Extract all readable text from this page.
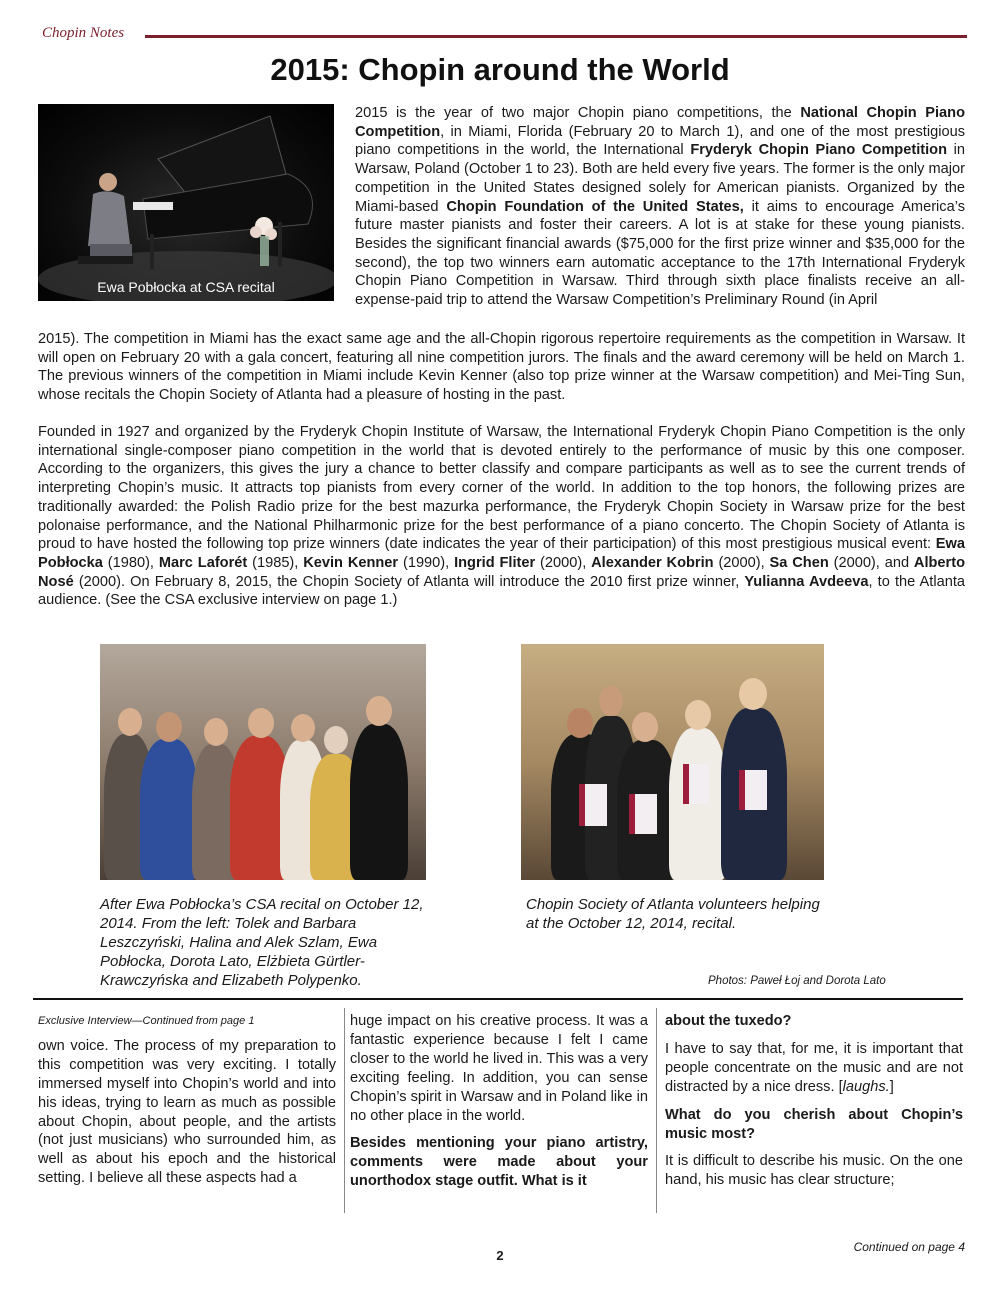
Chopin Notes
2015: Chopin around the World
Ewa Pobłocka at CSA recital
2015 is the year of two major Chopin piano competitions, the National Chopin Piano Competition, in Miami, Florida (February 20 to March 1), and one of the most prestigious piano competitions in the world, the International Fryderyk Chopin Piano Competition in Warsaw, Poland (October 1 to 23). Both are held every five years. The former is the only major competition in the United States designed solely for American pianists. Organized by the Miami-based Chopin Foundation of the United States, it aims to encourage America’s future master pianists and foster their careers. A lot is at stake for these young pianists. Besides the significant financial awards ($75,000 for the first prize winner and $35,000 for the second), the top two winners earn automatic acceptance to the 17th International Fryderyk Chopin Piano Competition in Warsaw. Third through sixth place finalists receive an all-expense-paid trip to attend the Warsaw Competition’s Preliminary Round (in April

2015). The competition in Miami has the exact same age and the all-Chopin rigorous repertoire requirements as the competition in Warsaw. It will open on February 20 with a gala concert, featuring all nine competition jurors. The finals and the award ceremony will be held on March 1. The previous winners of the competition in Miami include Kevin Kenner (also top prize winner at the Warsaw competition) and Mei-Ting Sun, whose recitals the Chopin Society of Atlanta had a pleasure of hosting in the past.

Founded in 1927 and organized by the Fryderyk Chopin Institute of Warsaw, the International Fryderyk Chopin Piano Competition is the only international single-composer piano competition in the world that is devoted entirely to the performance of music by this one composer. According to the organizers, this gives the jury a chance to better classify and compare participants as well as to see the current trends of interpreting Chopin’s music. It attracts top pianists from every corner of the world. In addition to the top honors, the following prizes are traditionally awarded: the Polish Radio prize for the best mazurka performance, the Fryderyk Chopin Society in Warsaw prize for the best polonaise performance, and the National Philharmonic prize for the best performance of a piano concerto. The Chopin Society of Atlanta is proud to have hosted the following top prize winners (date indicates the year of their participation) of this most prestigious musical event: Ewa Pobłocka (1980), Marc Laforét (1985), Kevin Kenner (1990), Ingrid Fliter (2000), Alexander Kobrin (2000), Sa Chen (2000), and Alberto Nosé (2000). On February 8, 2015, the Chopin Society of Atlanta will introduce the 2010 first prize winner, Yulianna Avdeeva, to the Atlanta audience. (See the CSA exclusive interview on page 1.)

After Ewa Pobłocka’s CSA recital on October 12, 2014. From the left: Tolek and Barbara Leszczyński, Halina and Alek Szlam, Ewa Pobłocka, Dorota Lato, Elżbieta Gürtler-Krawczyńska and Elizabeth Polypenko.
Chopin Society of Atlanta volunteers helping at the October 12, 2014, recital.
Photos: Paweł Łoj and Dorota Lato
Exclusive Interview—Continued from page 1

own voice. The process of my preparation to this competition was very exciting. I totally immersed myself into Chopin’s world and into his ideas, trying to learn as much as possible about Chopin, about people, and the artists (not just musicians) who surrounded him, as well as about his epoch and the historical setting. I believe all these aspects had a

huge impact on his creative process. It was a fantastic experience because I felt I came closer to the world he lived in. This was a very exciting feeling. In addition, you can sense Chopin’s spirit in Warsaw and in Poland like in no other place in the world.

Besides mentioning your piano artistry, comments were made about your unorthodox stage outfit. What is it

about the tuxedo?

I have to say that, for me, it is important that people concentrate on the music and are not distracted by a nice dress. [laughs.]

What do you cherish about Chopin’s music most?

It is difficult to describe his music. On the one hand, his music has clear structure;

Continued on page 4
2
